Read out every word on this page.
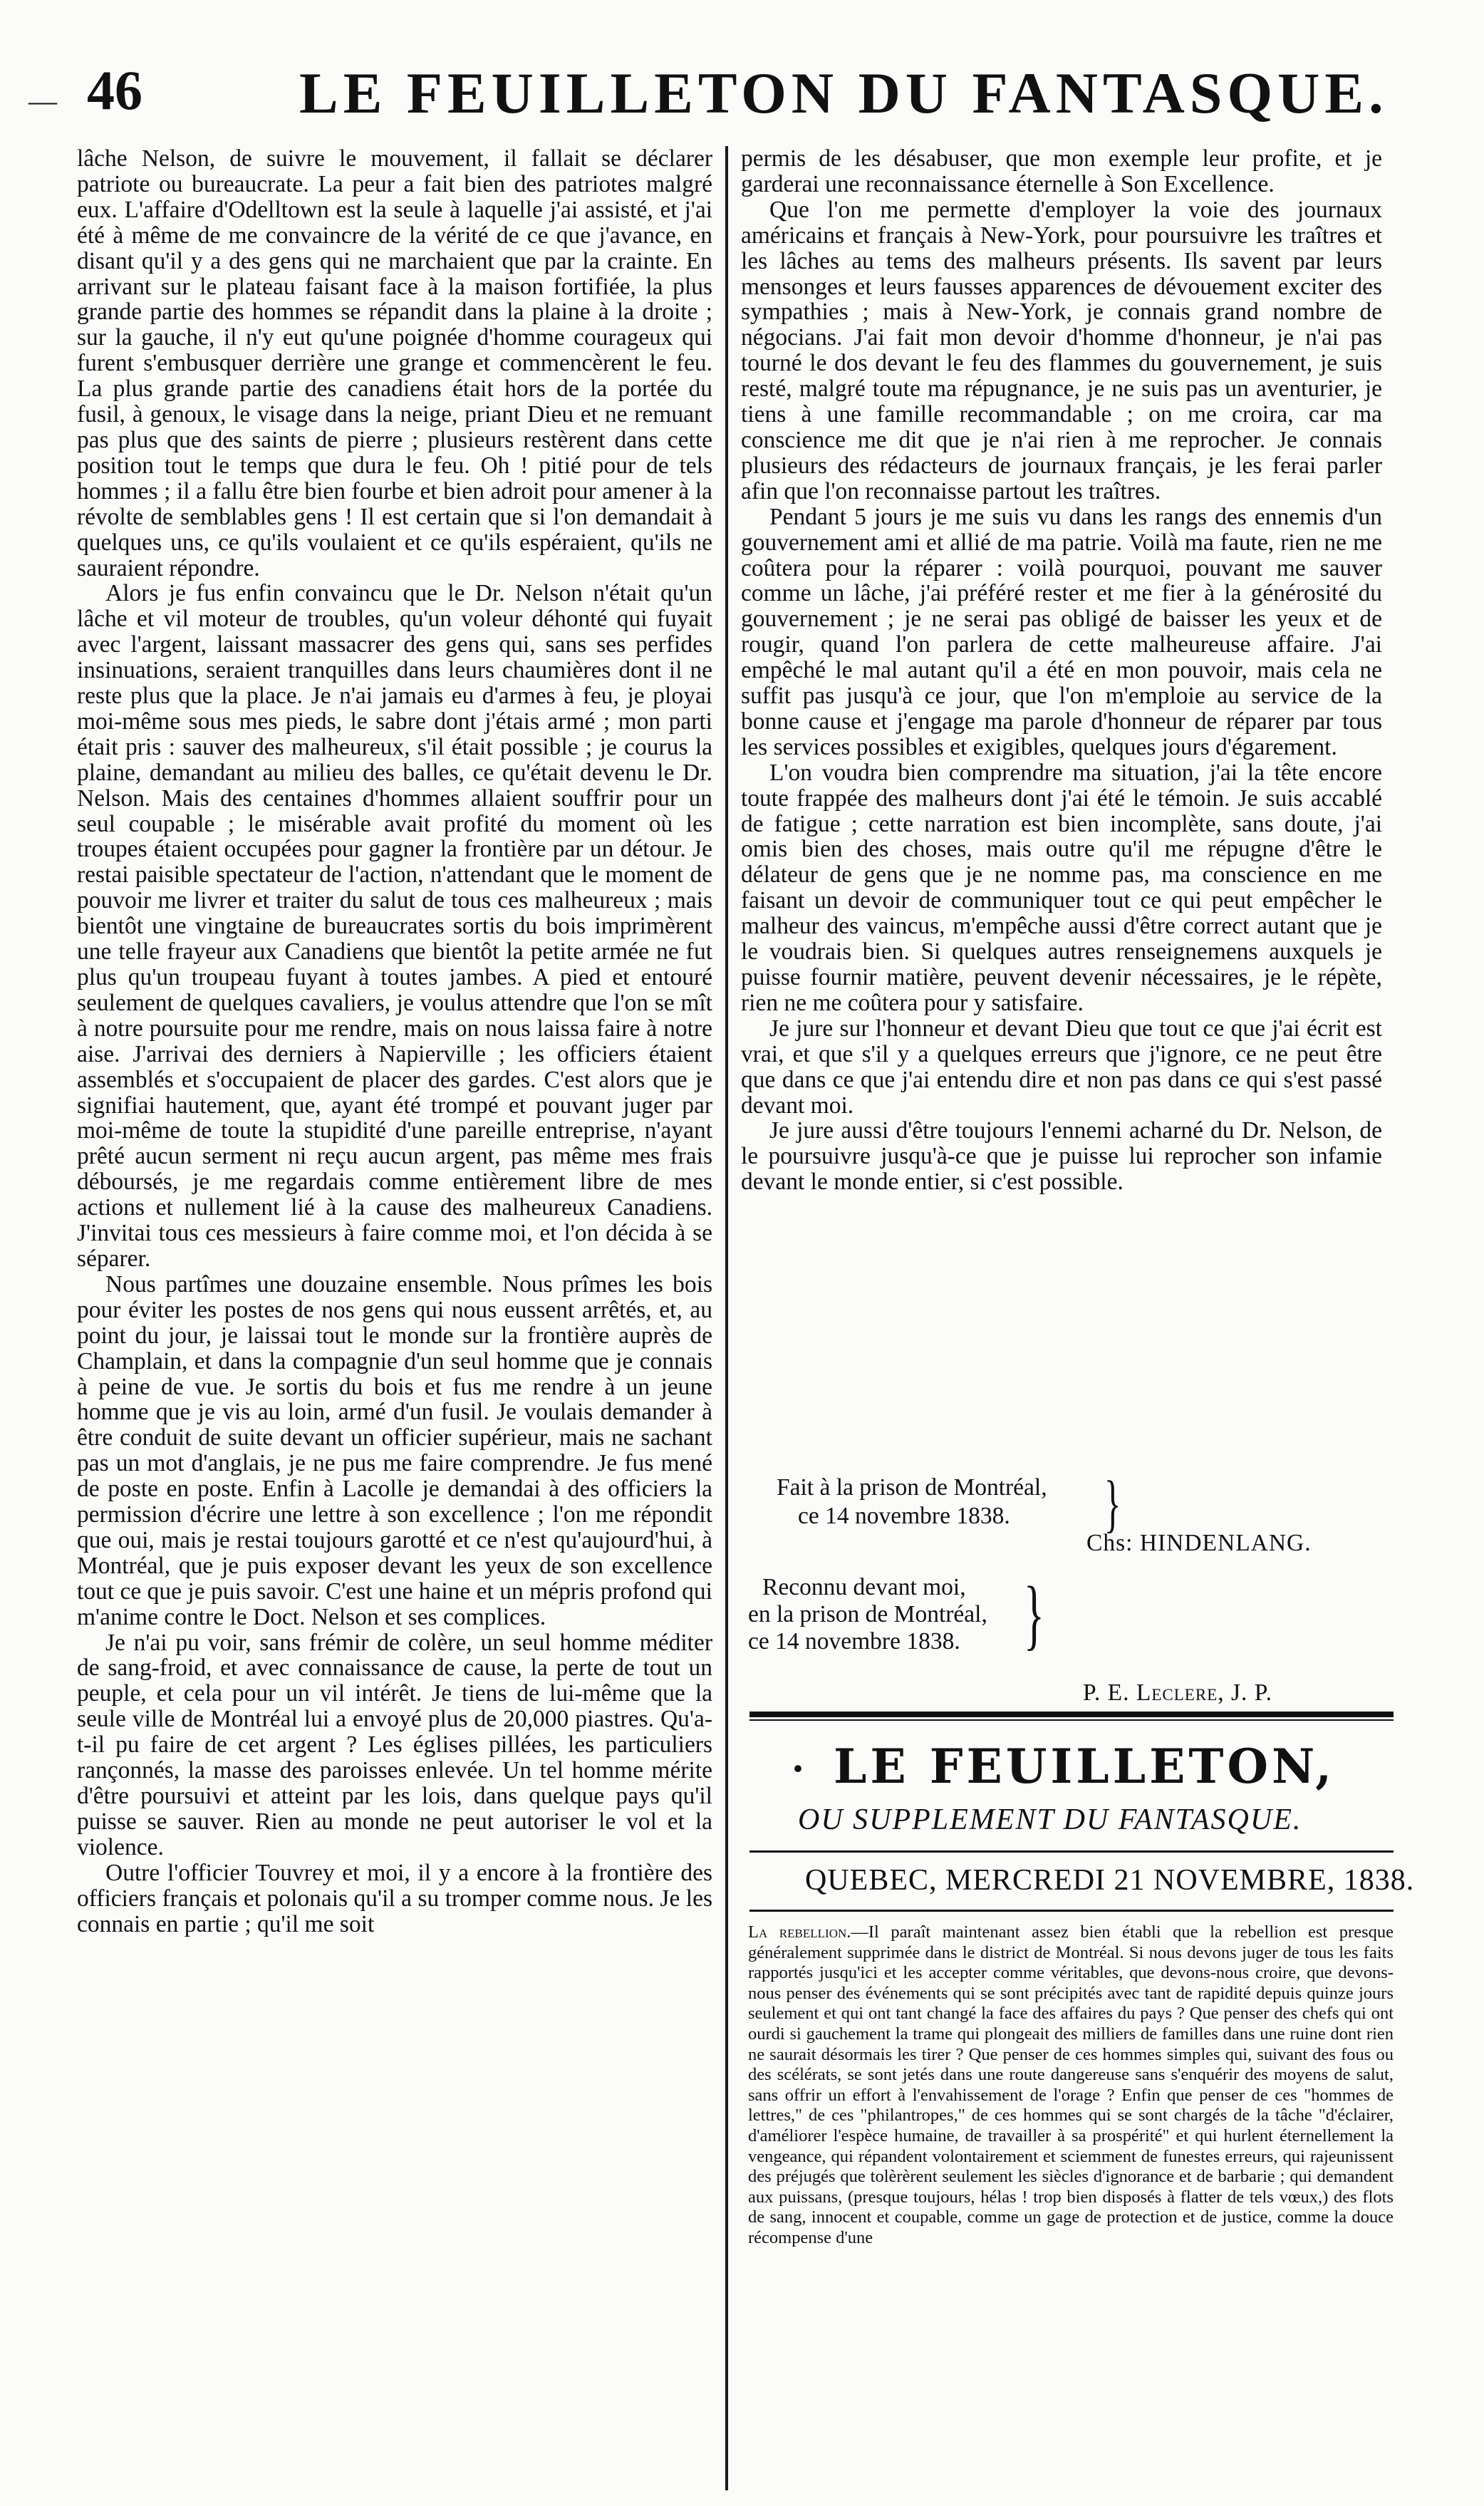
— 46	LE FEUILLETON DU FANTASQUE.

lâche Nelson, de suivre le mouvement, il fallait se déclarer patriote ou bureaucrate. La peur a fait bien des patriotes malgré eux. L'affaire d'Odelltown est la seule à laquelle j'ai assisté, et j'ai été à même de me convaincre de la vérité de ce que j'avance, en disant qu'il y a des gens qui ne marchaient que par la crainte. En arrivant sur le plateau faisant face à la maison fortifiée, la plus grande partie des hommes se répandit dans la plaine à la droite ; sur la gauche, il n'y eut qu'une poignée d'homme courageux qui furent s'embusquer derrière une grange et commencèrent le feu. La plus grande partie des canadiens était hors de la portée du fusil, à genoux, le visage dans la neige, priant Dieu et ne remuant pas plus que des saints de pierre ; plusieurs restèrent dans cette position tout le temps que dura le feu. Oh ! pitié pour de tels hommes ; il a fallu être bien fourbe et bien adroit pour amener à la révolte de semblables gens ! Il est certain que si l'on demandait à quelques uns, ce qu'ils voulaient et ce qu'ils espéraient, qu'ils ne sauraient répondre.

Alors je fus enfin convaincu que le Dr. Nelson n'était qu'un lâche et vil moteur de troubles, qu'un voleur déhonté qui fuyait avec l'argent, laissant massacrer des gens qui, sans ses perfides insinuations, seraient tranquilles dans leurs chaumières dont il ne reste plus que la place. Je n'ai jamais eu d'armes à feu, je ployai moi-même sous mes pieds, le sabre dont j'étais armé ; mon parti était pris : sauver des malheureux, s'il était possible ; je courus la plaine, demandant au milieu des balles, ce qu'était devenu le Dr. Nelson. Mais des centaines d'hommes allaient souffrir pour un seul coupable ; le misérable avait profité du moment où les troupes étaient occupées pour gagner la frontière par un détour. Je restai paisible spectateur de l'action, n'attendant que le moment de pouvoir me livrer et traiter du salut de tous ces malheureux ; mais bientôt une vingtaine de bureaucrates sortis du bois imprimèrent une telle frayeur aux Canadiens que bientôt la petite armée ne fut plus qu'un troupeau fuyant à toutes jambes. A pied et entouré seulement de quelques cavaliers, je voulus attendre que l'on se mît à notre poursuite pour me rendre, mais on nous laissa faire à notre aise. J'arrivai des derniers à Napierville ; les officiers étaient assemblés et s'occupaient de placer des gardes. C'est alors que je signifiai hautement, que, ayant été trompé et pouvant juger par moi-même de toute la stupidité d'une pareille entreprise, n'ayant prêté aucun serment ni reçu aucun argent, pas même mes frais déboursés, je me regardais comme entièrement libre de mes actions et nullement lié à la cause des malheureux Canadiens. J'invitai tous ces messieurs à faire comme moi, et l'on décida à se séparer.

Nous partîmes une douzaine ensemble. Nous prîmes les bois pour éviter les postes de nos gens qui nous eussent arrêtés, et, au point du jour, je laissai tout le monde sur la frontière auprès de Champlain, et dans la compagnie d'un seul homme que je connais à peine de vue. Je sortis du bois et fus me rendre à un jeune homme que je vis au loin, armé d'un fusil. Je voulais demander à être conduit de suite devant un officier supérieur, mais ne sachant pas un mot d'anglais, je ne pus me faire comprendre. Je fus mené de poste en poste. Enfin à Lacolle je demandai à des officiers la permission d'écrire une lettre à son excellence ; l'on me répondit que oui, mais je restai toujours garotté et ce n'est qu'aujourd'hui, à Montréal, que je puis exposer devant les yeux de son excellence tout ce que je puis savoir. C'est une haine et un mépris profond qui m'anime contre le Doct. Nelson et ses complices.

Je n'ai pu voir, sans frémir de colère, un seul homme méditer de sang-froid, et avec connaissance de cause, la perte de tout un peuple, et cela pour un vil intérêt. Je tiens de lui-même que la seule ville de Montréal lui a envoyé plus de 20,000 piastres. Qu'a-t-il pu faire de cet argent ? Les églises pillées, les particuliers rançonnés, la masse des paroisses enlevée. Un tel homme mérite d'être poursuivi et atteint par les lois, dans quelque pays qu'il puisse se sauver. Rien au monde ne peut autoriser le vol et la violence.

Outre l'officier Touvrey et moi, il y a encore à la frontière des officiers français et polonais qu'il a su tromper comme nous. Je les connais en partie ; qu'il me soit

permis de les désabuser, que mon exemple leur profite, et je garderai une reconnaissance éternelle à Son Excellence.

Que l'on me permette d'employer la voie des journaux américains et français à New-York, pour poursuivre les traîtres et les lâches au tems des malheurs présents. Ils savent par leurs mensonges et leurs fausses apparences de dévouement exciter des sympathies ; mais à New-York, je connais grand nombre de négocians. J'ai fait mon devoir d'homme d'honneur, je n'ai pas tourné le dos devant le feu des flammes du gouvernement, je suis resté, malgré toute ma répugnance, je ne suis pas un aventurier, je tiens à une famille recommandable ; on me croira, car ma conscience me dit que je n'ai rien à me reprocher. Je connais plusieurs des rédacteurs de journaux français, je les ferai parler afin que l'on reconnaisse partout les traîtres.

Pendant 5 jours je me suis vu dans les rangs des ennemis d'un gouvernement ami et allié de ma patrie. Voilà ma faute, rien ne me coûtera pour la réparer : voilà pourquoi, pouvant me sauver comme un lâche, j'ai préféré rester et me fier à la générosité du gouvernement ; je ne serai pas obligé de baisser les yeux et de rougir, quand l'on parlera de cette malheureuse affaire. J'ai empêché le mal autant qu'il a été en mon pouvoir, mais cela ne suffit pas jusqu'à ce jour, que l'on m'emploie au service de la bonne cause et j'engage ma parole d'honneur de réparer par tous les services possibles et exigibles, quelques jours d'égarement.

L'on voudra bien comprendre ma situation, j'ai la tête encore toute frappée des malheurs dont j'ai été le témoin. Je suis accablé de fatigue ; cette narration est bien incomplète, sans doute, j'ai omis bien des choses, mais outre qu'il me répugne d'être le délateur de gens que je ne nomme pas, ma conscience en me faisant un devoir de communiquer tout ce qui peut empêcher le malheur des vaincus, m'empêche aussi d'être correct autant que je le voudrais bien. Si quelques autres renseignemens auxquels je puisse fournir matière, peuvent devenir nécessaires, je le répète, rien ne me coûtera pour y satisfaire.

Je jure sur l'honneur et devant Dieu que tout ce que j'ai écrit est vrai, et que s'il y a quelques erreurs que j'ignore, ce ne peut être que dans ce que j'ai entendu dire et non pas dans ce qui s'est passé devant moi.

Je jure aussi d'être toujours l'ennemi acharné du Dr. Nelson, de le poursuivre jusqu'à-ce que je puisse lui reprocher son infamie devant le monde entier, si c'est possible.

Fait à la prison de Montréal,
ce 14 novembre 1838. }
Chs: HINDENLANG.
Reconnu devant moi,
en la prison de Montréal,
ce 14 novembre 1838. }
P. E. Leclere, J. P.
· LE FEUILLETON,
OU SUPPLEMENT DU FANTASQUE.
QUEBEC, MERCREDI 21 NOVEMBRE, 1838.

La rebellion.—Il paraît maintenant assez bien établi que la rebellion est presque généralement supprimée dans le district de Montréal. Si nous devons juger de tous les faits rapportés jusqu'ici et les accepter comme véritables, que devons-nous croire, que devons-nous penser des événements qui se sont précipités avec tant de rapidité depuis quinze jours seulement et qui ont tant changé la face des affaires du pays ? Que penser des chefs qui ont ourdi si gauchement la trame qui plongeait des milliers de familles dans une ruine dont rien ne saurait désormais les tirer ? Que penser de ces hommes simples qui, suivant des fous ou des scélérats, se sont jetés dans une route dangereuse sans s'enquérir des moyens de salut, sans offrir un effort à l'envahissement de l'orage ? Enfin que penser de ces "hommes de lettres," de ces "philantropes," de ces hommes qui se sont chargés de la tâche "d'éclairer, d'améliorer l'espèce humaine, de travailler à sa prospérité" et qui hurlent éternellement la vengeance, qui répandent volontairement et sciemment de funestes erreurs, qui rajeunissent des préjugés que tolèrèrent seulement les siècles d'ignorance et de barbarie ; qui demandent aux puissans, (presque toujours, hélas ! trop bien disposés à flatter de tels vœux,) des flots de sang, innocent et coupable, comme un gage de protection et de justice, comme la douce récompense d'une
